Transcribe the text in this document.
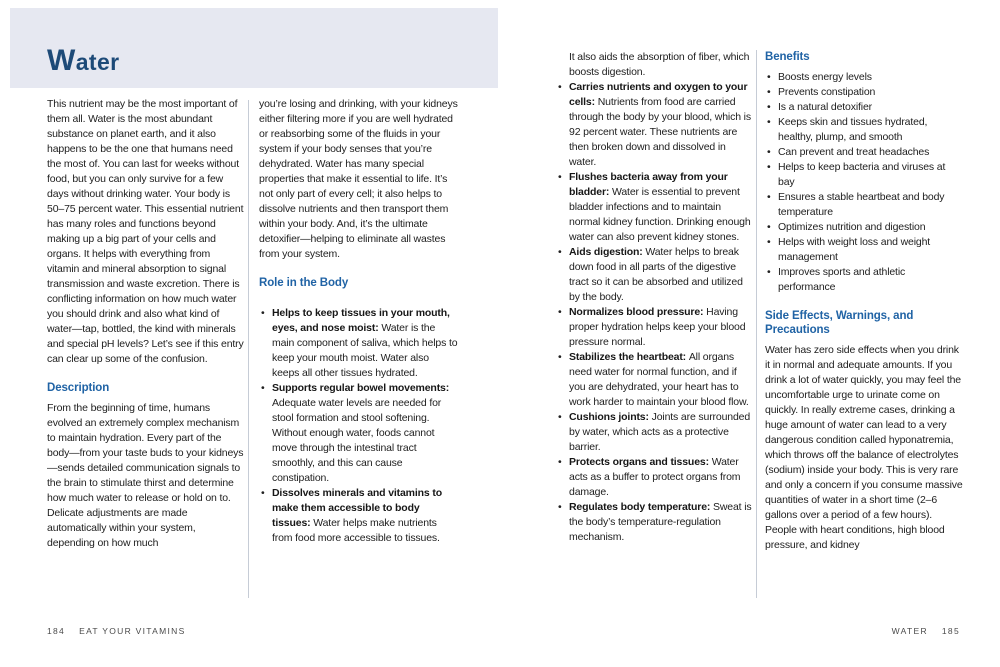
Water

This nutrient may be the most important of them all. Water is the most abundant substance on planet earth, and it also happens to be the one that humans need the most of. You can last for weeks without food, but you can only survive for a few days without drinking water. Your body is 50–75 percent water. This essential nutrient has many roles and functions beyond making up a big part of your cells and organs. It helps with everything from vitamin and mineral absorption to signal transmission and waste excretion. There is conflicting information on how much water you should drink and also what kind of water—tap, bottled, the kind with minerals and special pH levels? Let’s see if this entry can clear up some of the confusion.

Description

From the beginning of time, humans evolved an extremely complex mechanism to maintain hydration. Every part of the body—from your taste buds to your kidneys—sends detailed communication signals to the brain to stimulate thirst and determine how much water to release or hold on to. Delicate adjustments are made automatically within your system, depending on how much

you’re losing and drinking, with your kidneys either filtering more if you are well hydrated or reabsorbing some of the fluids in your system if your body senses that you’re dehydrated. Water has many special properties that make it essential to life. It’s not only part of every cell; it also helps to dissolve nutrients and then transport them within your body. And, it’s the ultimate detoxifier—helping to eliminate all wastes from your system.

Role in the Body
• Helps to keep tissues in your mouth, eyes, and nose moist: Water is the main component of saliva, which helps to keep your mouth moist. Water also keeps all other tissues hydrated.
• Supports regular bowel movements: Adequate water levels are needed for stool formation and stool softening. Without enough water, foods cannot move through the intestinal tract smoothly, and this can cause constipation.
• Dissolves minerals and vitamins to make them accessible to body tissues: Water helps make nutrients from food more accessible to tissues.

It also aids the absorption of fiber, which boosts digestion.

• Carries nutrients and oxygen to your cells: Nutrients from food are carried through the body by your blood, which is 92 percent water. These nutrients are then broken down and dissolved in water.
• Flushes bacteria away from your bladder: Water is essential to prevent bladder infections and to maintain normal kidney function. Drinking enough water can also prevent kidney stones.
• Aids digestion: Water helps to break down food in all parts of the digestive tract so it can be absorbed and utilized by the body.
• Normalizes blood pressure: Having proper hydration helps keep your blood pressure normal.
• Stabilizes the heartbeat: All organs need water for normal function, and if you are dehydrated, your heart has to work harder to maintain your blood flow.
• Cushions joints: Joints are surrounded by water, which acts as a protective barrier.
• Protects organs and tissues: Water acts as a buffer to protect organs from damage.
• Regulates body temperature: Sweat is the body’s temperature-regulation mechanism.
Benefits
• Boosts energy levels
• Prevents constipation
• Is a natural detoxifier
• Keeps skin and tissues hydrated, healthy, plump, and smooth
• Can prevent and treat headaches
• Helps to keep bacteria and viruses at bay
• Ensures a stable heartbeat and body temperature
• Optimizes nutrition and digestion
• Helps with weight loss and weight management
• Improves sports and athletic performance
Side Effects, Warnings, and Precautions

Water has zero side effects when you drink it in normal and adequate amounts. If you drink a lot of water quickly, you may feel the uncomfortable urge to urinate come on quickly. In really extreme cases, drinking a huge amount of water can lead to a very dangerous condition called hyponatremia, which throws off the balance of electrolytes (sodium) inside your body. This is very rare and only a concern if you consume massive quantities of water in a short time (2–6 gallons over a period of a few hours). People with heart conditions, high blood pressure, and kidney

184 EAT YOUR VITAMINS	WATER 185
